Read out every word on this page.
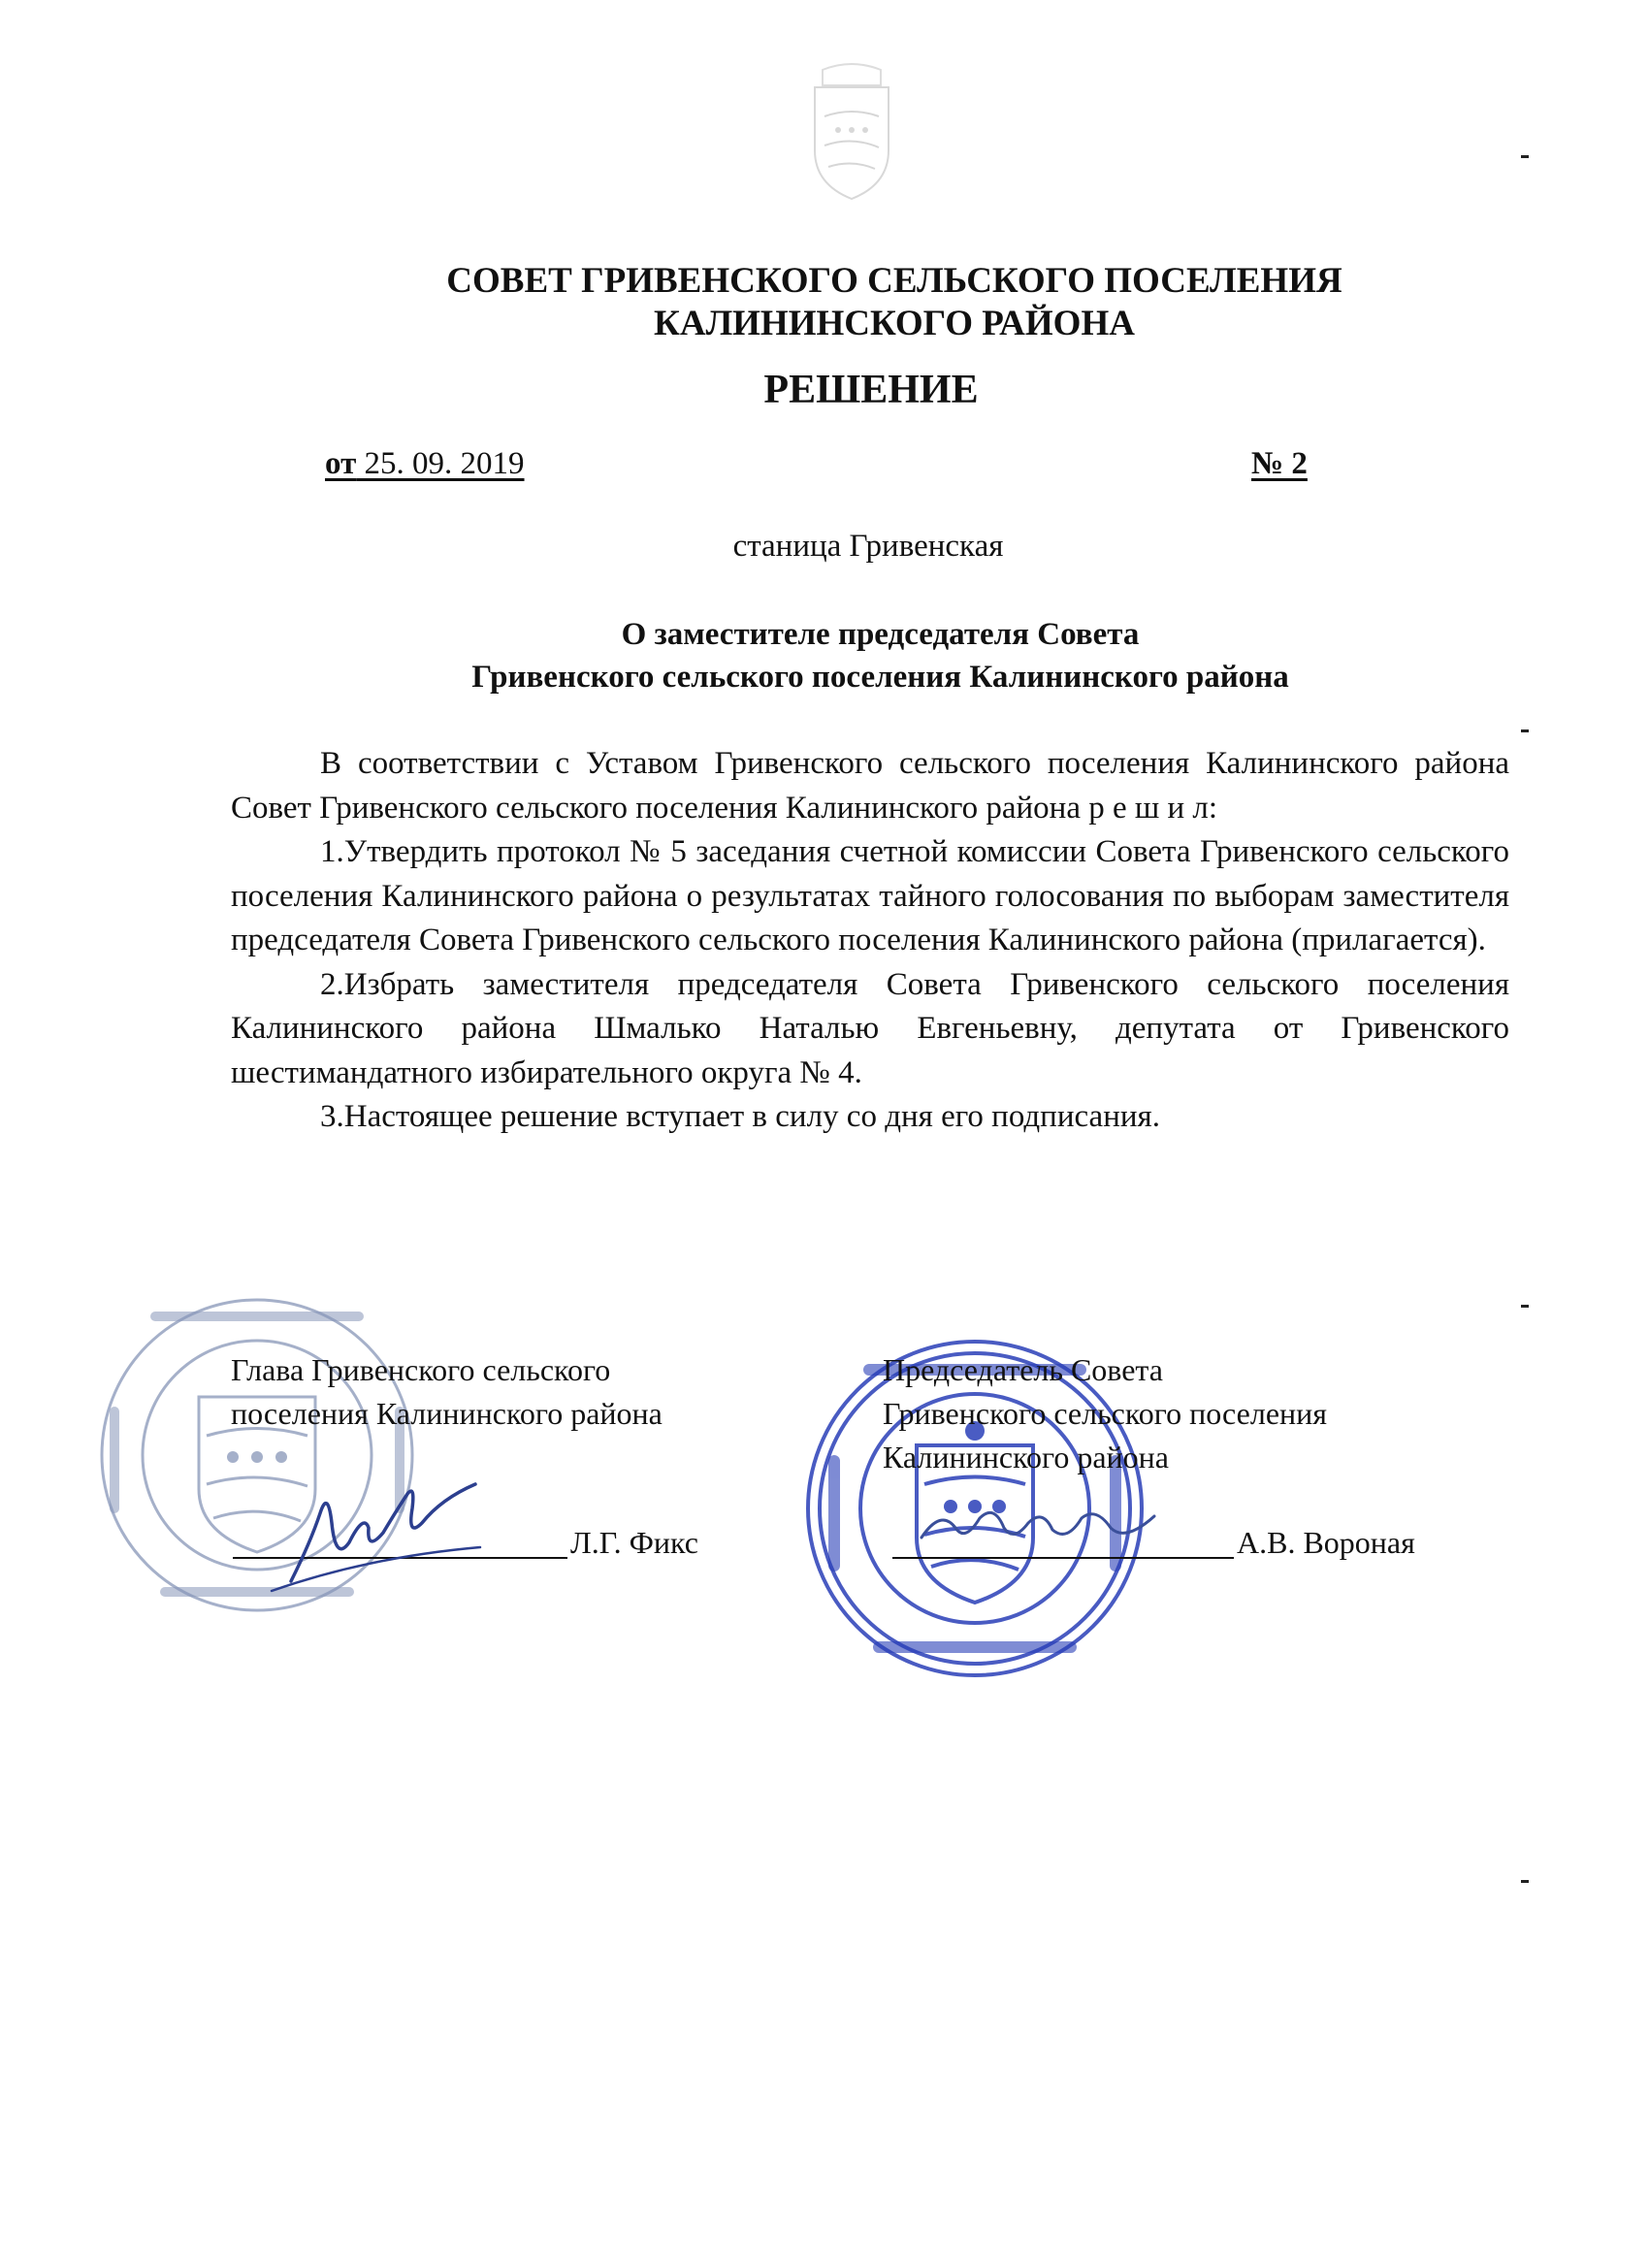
СОВЕТ ГРИВЕНСКОГО СЕЛЬСКОГО ПОСЕЛЕНИЯ
КАЛИНИНСКОГО РАЙОНА
РЕШЕНИЕ
от 25. 09. 2019	№ 2
станица Гривенская
О заместителе председателя Совета
Гривенского сельского поселения Калининского района

В соответствии с Уставом Гривенского сельского поселения Калининского района Совет Гривенского сельского поселения Калининского района р е ш и л:

1.Утвердить протокол № 5 заседания счетной комиссии Совета Гривенского сельского поселения Калининского района о результатах тайного голосования по выборам заместителя председателя Совета Гривенского сельского поселения Калининского района (прилагается).

2.Избрать заместителя председателя Совета Гривенского сельского поселения Калининского района Шмалько Наталью Евгеньевну, депутата от Гривенского шестимандатного избирательного округа № 4.

3.Настоящее решение вступает в силу со дня его подписания.

Глава Гривенского сельского
поселения Калининского района
Председатель Совета
Гривенского сельского поселения
Калининского района
Л.Г. Фикс	А.В. Вороная
